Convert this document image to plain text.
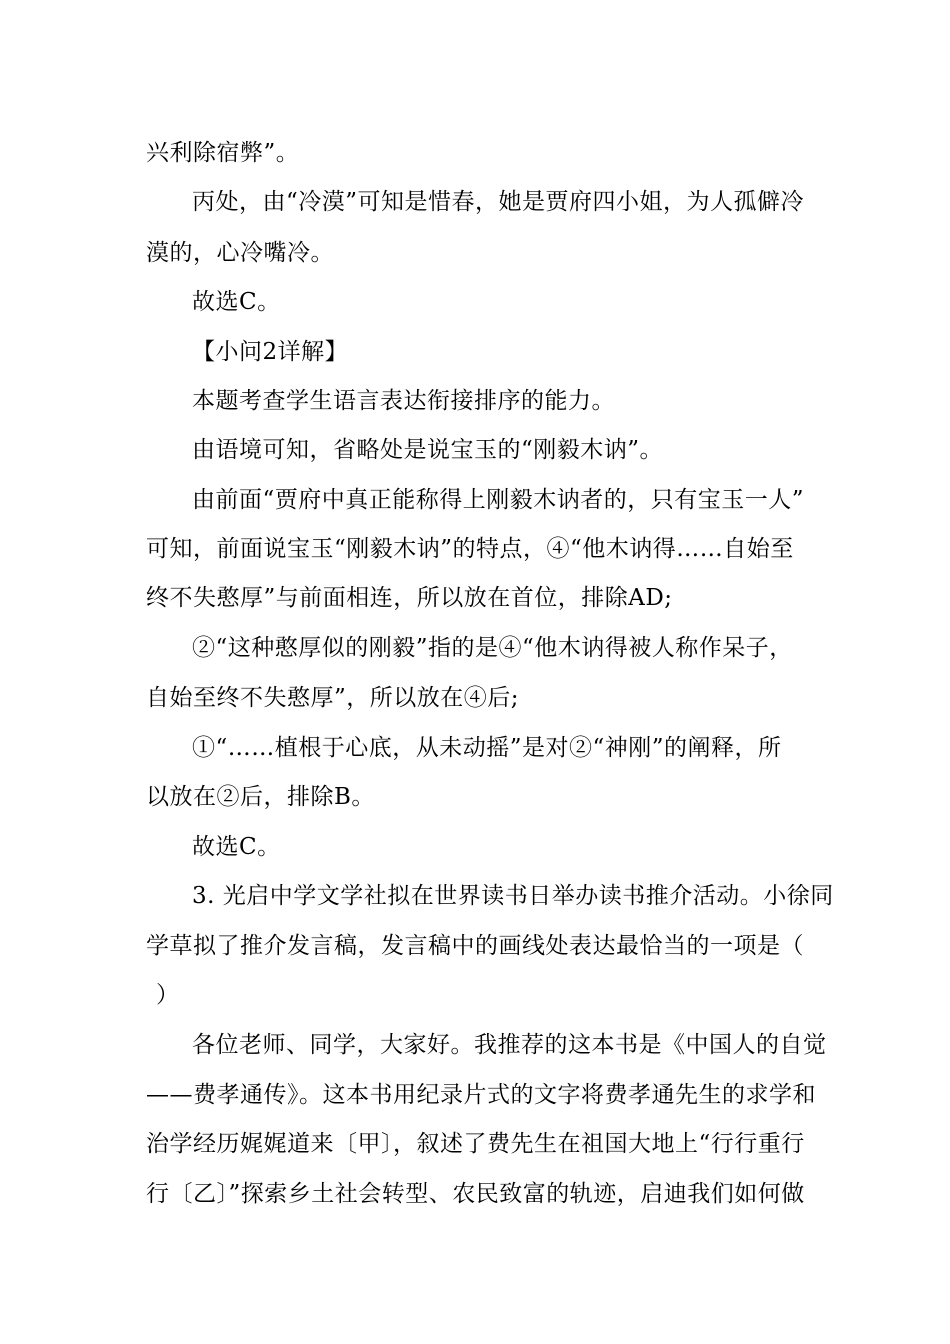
兴利除宿弊”。
丙处，由“冷漠”可知是惜春，她是贾府四小姐，为人孤僻冷
漠的，心冷嘴冷。
故选C。
【小问2详解】
本题考查学生语言表达衔接排序的能力。
由语境可知，省略处是说宝玉的“刚毅木讷”。
由前面“贾府中真正能称得上刚毅木讷者的，只有宝玉一人”
可知，前面说宝玉“刚毅木讷”的特点，④“他木讷得……自始至
终不失憨厚”与前面相连，所以放在首位，排除AD;
②“这种憨厚似的刚毅”指的是④“他木讷得被人称作呆子，
自始至终不失憨厚”，所以放在④后;
①“……植根于心底，从未动摇”是对②“神刚”的阐释，所
以放在②后，排除B。
故选C。
3. 光启中学文学社拟在世界读书日举办读书推介活动。小徐同
学草拟了推介发言稿，发言稿中的画线处表达最恰当的一项是（
）
各位老师、同学，大家好。我推荐的这本书是《中国人的自觉
——费孝通传》。这本书用纪录片式的文字将费孝通先生的求学和
治学经历娓娓道来〔甲〕，叙述了费先生在祖国大地上“行行重行
行〔乙〕”探索乡土社会转型、农民致富的轨迹，启迪我们如何做
